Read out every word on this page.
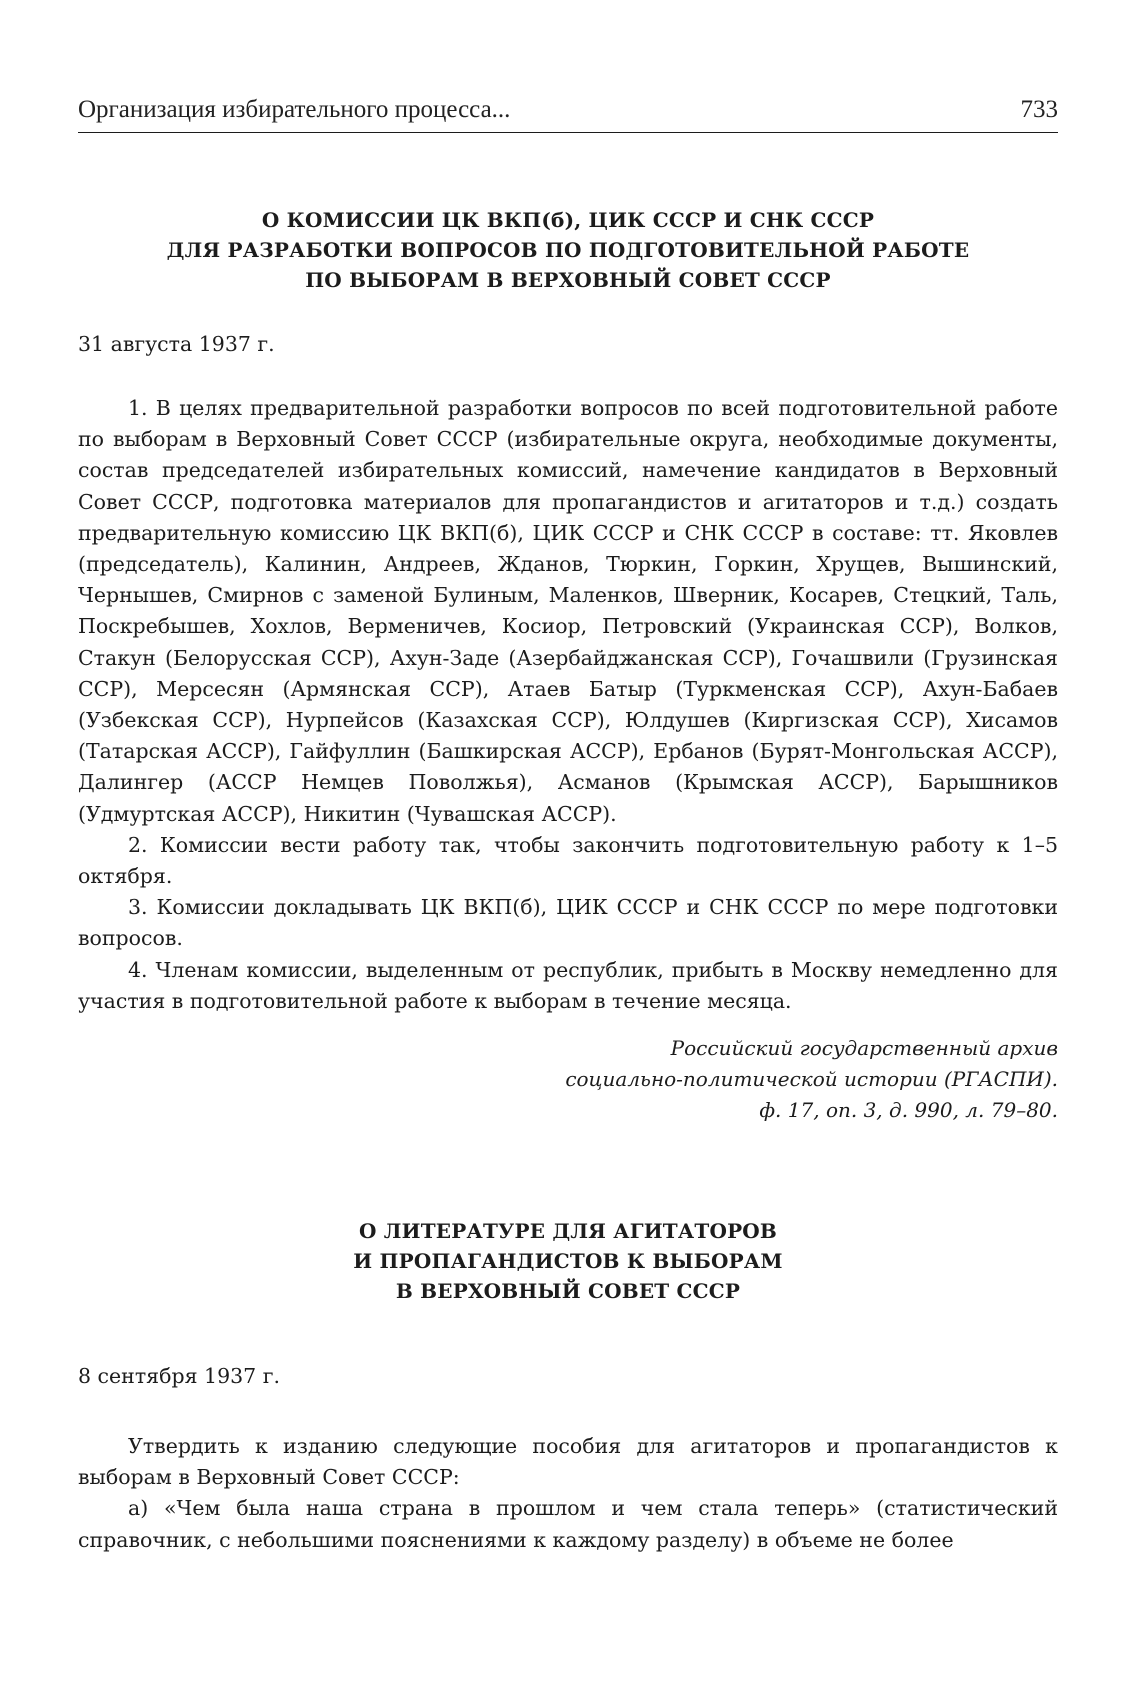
Организация избирательного процесса...	733

О КОМИССИИ ЦК ВКП(б), ЦИК СССР И СНК СССР

ДЛЯ РАЗРАБОТКИ ВОПРОСОВ ПО ПОДГОТОВИТЕЛЬНОЙ РАБОТЕ

ПО ВЫБОРАМ В ВЕРХОВНЫЙ СОВЕТ СССР

31 августа 1937 г.

1. В целях предварительной разработки вопросов по всей подготовительной работе по выборам в Верховный Совет СССР (избирательные округа, необходимые документы, состав председателей избирательных комиссий, намечение кандидатов в Верховный Совет СССР, подготовка материалов для пропагандистов и агитаторов и т.д.) создать предварительную комиссию ЦК ВКП(б), ЦИК СССР и СНК СССР в составе: тт. Яковлев (председатель), Калинин, Андреев, Жданов, Тюркин, Горкин, Хрущев, Вышинский, Чернышев, Смирнов с заменой Булиным, Маленков, Шверник, Косарев, Стецкий, Таль, Поскребышев, Хохлов, Верменичев, Косиор, Петровский (Украинская ССР), Волков, Стакун (Белорусская ССР), Ахун-Заде (Азербайджанская ССР), Гочашвили (Грузинская ССР), Мерсесян (Армянская ССР), Атаев Батыр (Туркменская ССР), Ахун-Бабаев (Узбекская ССР), Нурпейсов (Казахская ССР), Юлдушев (Киргизская ССР), Хисамов (Татарская АССР), Гайфуллин (Башкирская АССР), Ербанов (Бурят-Монгольская АССР), Далингер (АССР Немцев Поволжья), Асманов (Крымская АССР), Барышников (Удмуртская АССР), Никитин (Чувашская АССР).

2. Комиссии вести работу так, чтобы закончить подготовительную работу к 1–5 октября.

3. Комиссии докладывать ЦК ВКП(б), ЦИК СССР и СНК СССР по мере подготовки вопросов.

4. Членам комиссии, выделенным от республик, прибыть в Москву немедленно для участия в подготовительной работе к выборам в течение месяца.

Российский государственный архив
социально-политической истории (РГАСПИ).
ф. 17, оп. 3, д. 990, л. 79–80.

О ЛИТЕРАТУРЕ ДЛЯ АГИТАТОРОВ

И ПРОПАГАНДИСТОВ К ВЫБОРАМ

В ВЕРХОВНЫЙ СОВЕТ СССР

8 сентября 1937 г.

Утвердить к изданию следующие пособия для агитаторов и пропагандистов к выборам в Верховный Совет СССР:

а) «Чем была наша страна в прошлом и чем стала теперь» (статистический справочник, с небольшими пояснениями к каждому разделу) в объеме не более
